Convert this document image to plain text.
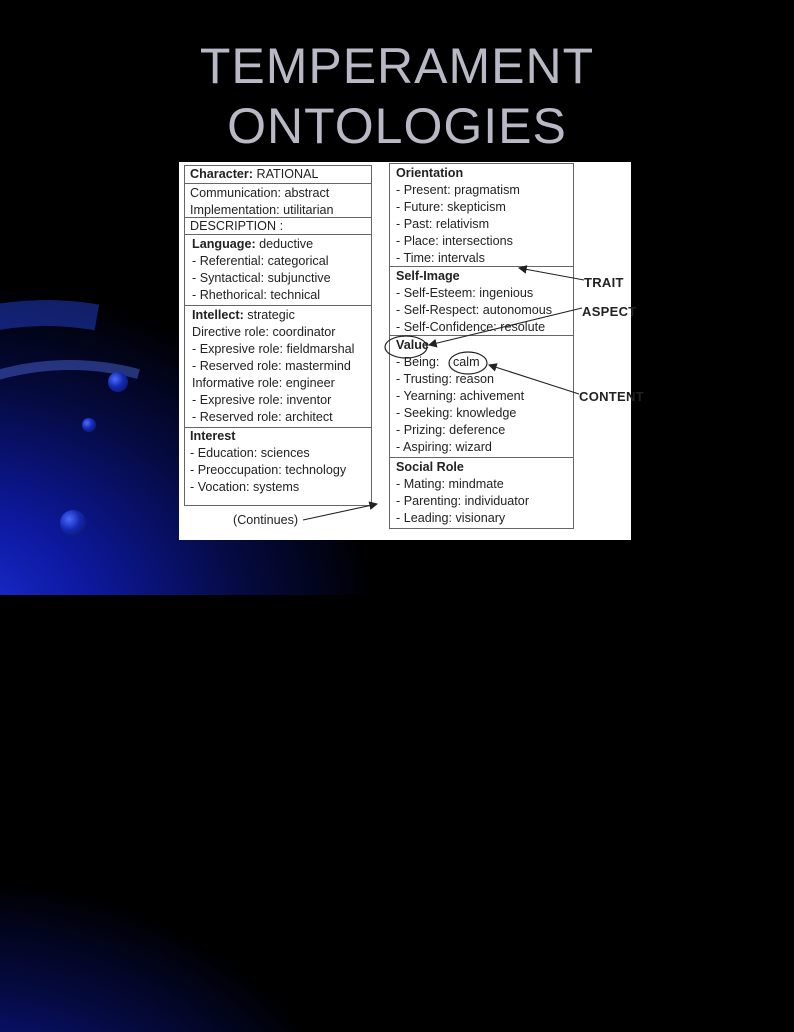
TEMPERAMENT
ONTOLOGIES
Character: RATIONAL
Communication: abstract
Implementation: utilitarian
DESCRIPTION :
Language: deductive
- Referential: categorical
- Syntactical: subjunctive
- Rhethorical: technical
Intellect: strategic
Directive role: coordinator
- Expresive role: fieldmarshal
- Reserved role: mastermind
Informative role: engineer
- Expresive role: inventor
- Reserved role: architect
Interest
- Education: sciences
- Preoccupation: technology
- Vocation: systems
(Continues)
Orientation
- Present: pragmatism
- Future: skepticism
- Past: relativism
- Place: intersections
- Time: intervals
Self-Image
- Self-Esteem: ingenious
- Self-Respect: autonomous
- Self-Confidence: resolute
Value
- Being: calm
- Trusting: reason
- Yearning: achivement
- Seeking: knowledge
- Prizing: deference
- Aspiring: wizard
Social Role
- Mating: mindmate
- Parenting: individuator
- Leading: visionary
TRAIT
ASPECT
CONTENT
